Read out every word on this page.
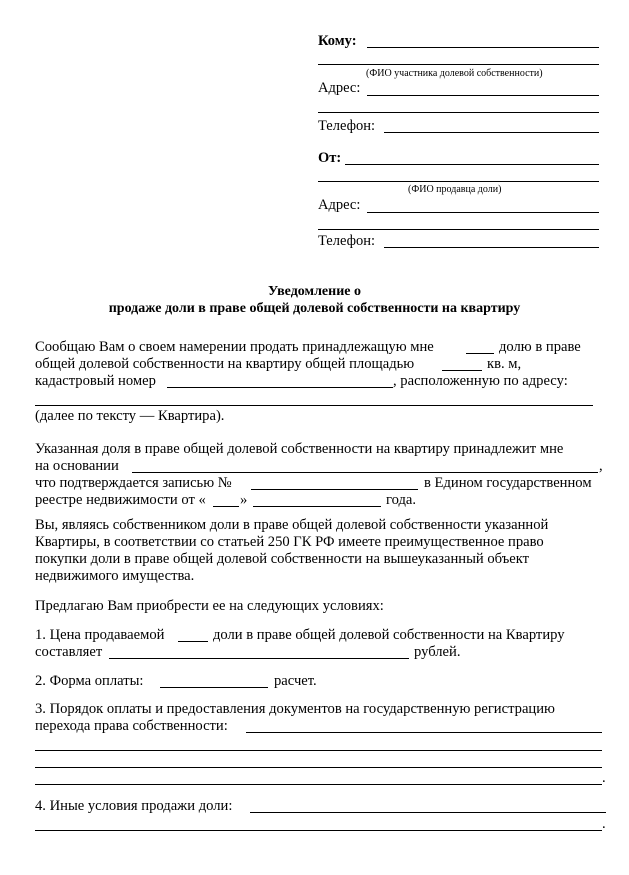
Кому:
(ФИО участника долевой собственности)
Адрес:
Телефон:
От:
(ФИО продавца доли)
Адрес:
Телефон:
Уведомление о
продаже доли в праве общей долевой собственности на квартиру
Сообщаю Вам о своем намерении продать принадлежащую мне	долю в праве
общей долевой собственности на квартиру общей площадью	кв. м,
кадастровый номер	, расположенную по адресу:
(далее по тексту — Квартира).
Указанная доля в праве общей долевой собственности на квартиру принадлежит мне
на основании	,
что подтверждается записью №	в Едином государственном
реестре недвижимости от « »	года.
Вы, являясь собственником доли в праве общей долевой собственности указанной
Квартиры, в соответствии со статьей 250 ГК РФ имеете преимущественное право
покупки доли в праве общей долевой собственности на вышеуказанный объект
недвижимого имущества.
Предлагаю Вам приобрести ее на следующих условиях:
1. Цена продаваемой	доли в праве общей долевой собственности на Квартиру
составляет	рублей.
2. Форма оплаты:	расчет.
3. Порядок оплаты и предоставления документов на государственную регистрацию
перехода права собственности:
.
4. Иные условия продажи доли:
.
